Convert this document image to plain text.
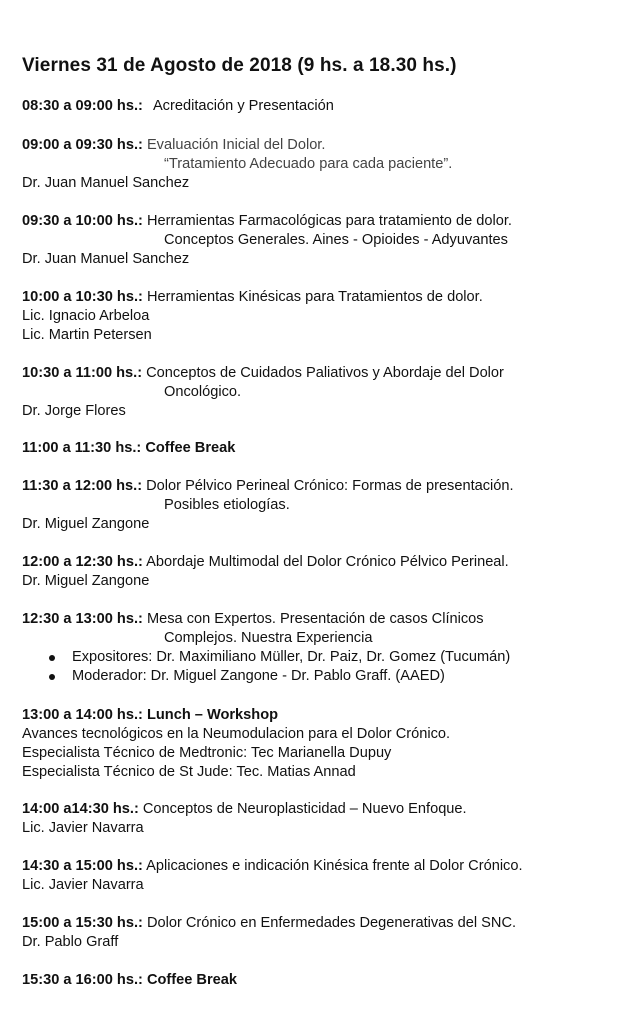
Viernes 31 de Agosto de 2018 (9 hs. a 18.30 hs.)
08:30 a 09:00 hs.: Acreditación y Presentación
09:00 a 09:30 hs.: Evaluación Inicial del Dolor.
“Tratamiento Adecuado para cada paciente”.
Dr. Juan Manuel Sanchez
09:30 a 10:00 hs.: Herramientas Farmacológicas para tratamiento de dolor.
Conceptos Generales. Aines - Opioides - Adyuvantes
Dr. Juan Manuel Sanchez
10:00 a 10:30 hs.: Herramientas Kinésicas para Tratamientos de dolor.
Lic. Ignacio Arbeloa
Lic. Martin Petersen
10:30 a 11:00 hs.: Conceptos de Cuidados Paliativos y Abordaje del Dolor
Oncológico.
Dr. Jorge Flores
11:00 a 11:30 hs.: Coffee Break
11:30 a 12:00 hs.: Dolor Pélvico Perineal Crónico: Formas de presentación.
Posibles etiologías.
Dr. Miguel Zangone
12:00 a 12:30 hs.: Abordaje Multimodal del Dolor Crónico Pélvico Perineal.
Dr. Miguel Zangone
12:30 a 13:00 hs.: Mesa con Expertos. Presentación de casos Clínicos
Complejos. Nuestra Experiencia
Expositores: Dr. Maximiliano Müller, Dr. Paiz, Dr. Gomez (Tucumán)
Moderador: Dr. Miguel Zangone - Dr. Pablo Graff. (AAED)
13:00 a 14:00 hs.: Lunch – Workshop
Avances tecnológicos en la Neumodulacion para el Dolor Crónico.
Especialista Técnico de Medtronic: Tec Marianella Dupuy
Especialista Técnico de St Jude: Tec. Matias Annad
14:00 a14:30 hs.: Conceptos de Neuroplasticidad – Nuevo Enfoque.
Lic. Javier Navarra
14:30 a 15:00 hs.: Aplicaciones e indicación Kinésica frente al Dolor Crónico.
Lic. Javier Navarra
15:00 a 15:30 hs.: Dolor Crónico en Enfermedades Degenerativas del SNC.
Dr. Pablo Graff
15:30 a 16:00 hs.: Coffee Break
